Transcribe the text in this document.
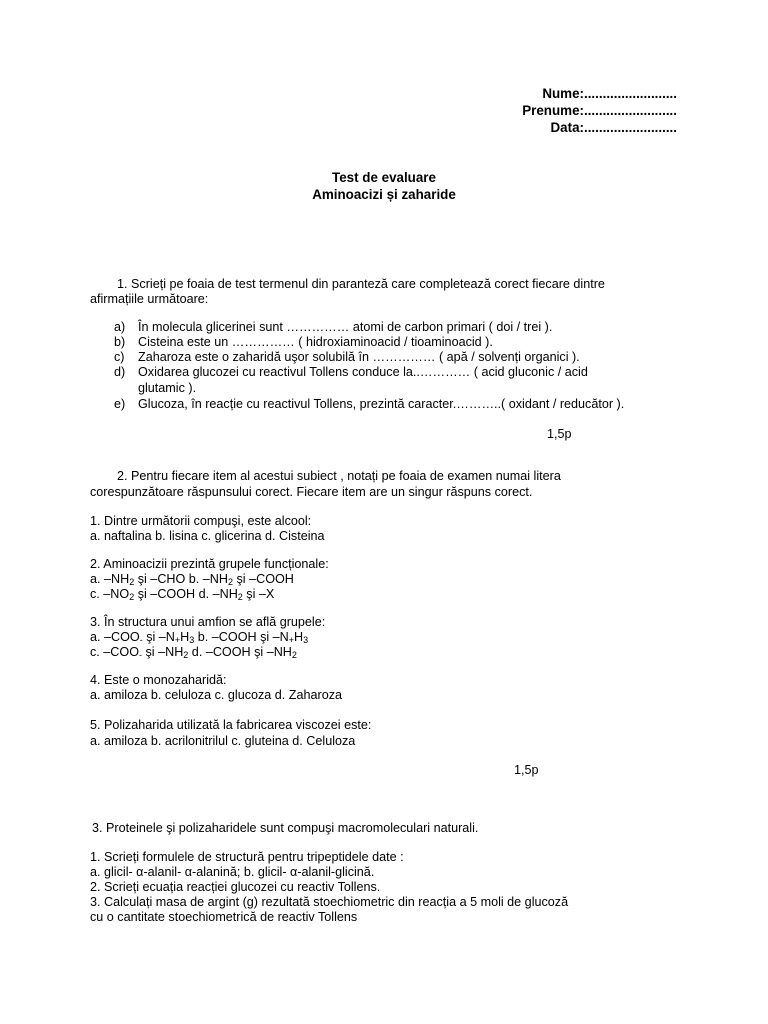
Nume:.........................
Prenume:.........................
Data:.........................
Test de evaluare
Aminoacizi și zaharide
1. Scrieți pe foaia de test termenul din paranteză care completează corect fiecare dintre
afirmațiile următoare:
a) În molecula glicerinei sunt …………… atomi de carbon primari ( doi / trei ).
b) Cisteina este un …………… ( hidroxiaminoacid / tioaminoacid ).
c) Zaharoza este o zaharidă uşor solubilă în …………… ( apă / solvenți organici ).
d) Oxidarea glucozei cu reactivul Tollens conduce la..………… ( acid gluconic / acid
glutamic ).
e) Glucoza, în reacție cu reactivul Tollens, prezintă caracter.………..( oxidant / reducător ).
1,5p
2. Pentru fiecare item al acestui subiect , notați pe foaia de examen numai litera
corespunzătoare răspunsului corect. Fiecare item are un singur răspuns corect.
1. Dintre următorii compuşi, este alcool:
a. naftalina b. lisina c. glicerina d. Cisteina
2. Aminoacizii prezintă grupele funcționale:
a. $-NH_2$ şi –CHO b. $-NH_2$ şi –COOH
c. $-NO_2$ şi –COOH d. $-NH_2$ şi –X
3. În structura unui amfion se află grupele:
a. $-COO_-$ şi $-N_+H_3$ b. –COOH şi $-N_+H_3$
c. $-COO_-$ şi $-NH_2$ d. –COOH şi $-NH_2$
4. Este o monozaharidă:
a. amiloza b. celuloza c. glucoza d. Zaharoza
5. Polizaharida utilizată la fabricarea viscozei este:
a. amiloza b. acrilonitrilul c. gluteina d. Celuloza
1,5p
3. Proteinele şi polizaharidele sunt compuşi macromoleculari naturali.
1. Scrieți formulele de structură pentru tripeptidele date :
a. glicil- α-alanil- α-alanină; b. glicil- α-alanil-glicină.
2. Scrieți ecuația reacției glucozei cu reactiv Tollens.
3. Calculați masa de argint (g) rezultată stoechiometric din reacția a 5 moli de glucoză
cu o cantitate stoechiometrică de reactiv Tollens
